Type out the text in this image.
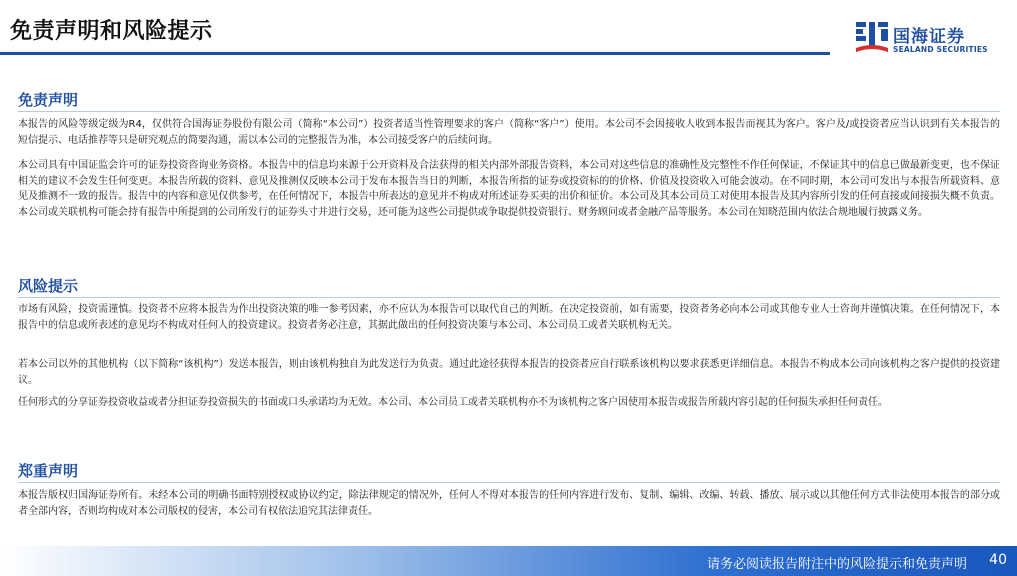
免责声明和风险提示	国海证券
SEALAND SECURITIES
免责声明
本报告的风险等级定级为R4，仅供符合国海证券股份有限公司（简称“本公司”）投资者适当性管理要求的客户（简称“客户”）使用。本公司不会因接收人收到本报告而视其为客户。客户及/或投资者应当认识到有关本报告的短信提示、电话推荐等只是研究观点的简要沟通，需以本公司的完整报告为准，本公司接受客户的后续问询。
本公司具有中国证监会许可的证券投资咨询业务资格。本报告中的信息均来源于公开资料及合法获得的相关内部外部报告资料，本公司对这些信息的准确性及完整性不作任何保证，不保证其中的信息已做最新变更，也不保证相关的建议不会发生任何变更。本报告所载的资料、意见及推测仅反映本公司于发布本报告当日的判断，本报告所指的证券或投资标的的价格、价值及投资收入可能会波动。在不同时期，本公司可发出与本报告所载资料、意见及推测不一致的报告。报告中的内容和意见仅供参考，在任何情况下，本报告中所表达的意见并不构成对所述证券买卖的出价和征价。本公司及其本公司员工对使用本报告及其内容所引发的任何直接或间接损失概不负责。本公司或关联机构可能会持有报告中所提到的公司所发行的证券头寸并进行交易，还可能为这些公司提供或争取提供投资银行、财务顾问或者金融产品等服务。本公司在知晓范围内依法合规地履行披露义务。
风险提示
市场有风险，投资需谨慎。投资者不应将本报告为作出投资决策的唯一参考因素，亦不应认为本报告可以取代自己的判断。在决定投资前，如有需要，投资者务必向本公司或其他专业人士咨询并谨慎决策。在任何情况下，本报告中的信息或所表述的意见均不构成对任何人的投资建议。投资者务必注意，其据此做出的任何投资决策与本公司、本公司员工或者关联机构无关。
若本公司以外的其他机构（以下简称“该机构”）发送本报告，则由该机构独自为此发送行为负责。通过此途径获得本报告的投资者应自行联系该机构以要求获悉更详细信息。本报告不构成本公司向该机构之客户提供的投资建议。
任何形式的分享证券投资收益或者分担证券投资损失的书面或口头承诺均为无效。本公司、本公司员工或者关联机构亦不为该机构之客户因使用本报告或报告所载内容引起的任何损失承担任何责任。
郑重声明
本报告版权归国海证券所有。未经本公司的明确书面特别授权或协议约定，除法律规定的情况外，任何人不得对本报告的任何内容进行发布、复制、编辑、改编、转载、播放、展示或以其他任何方式非法使用本报告的部分或者全部内容，否则均构成对本公司版权的侵害，本公司有权依法追究其法律责任。
请务必阅读报告附注中的风险提示和免责声明 40
